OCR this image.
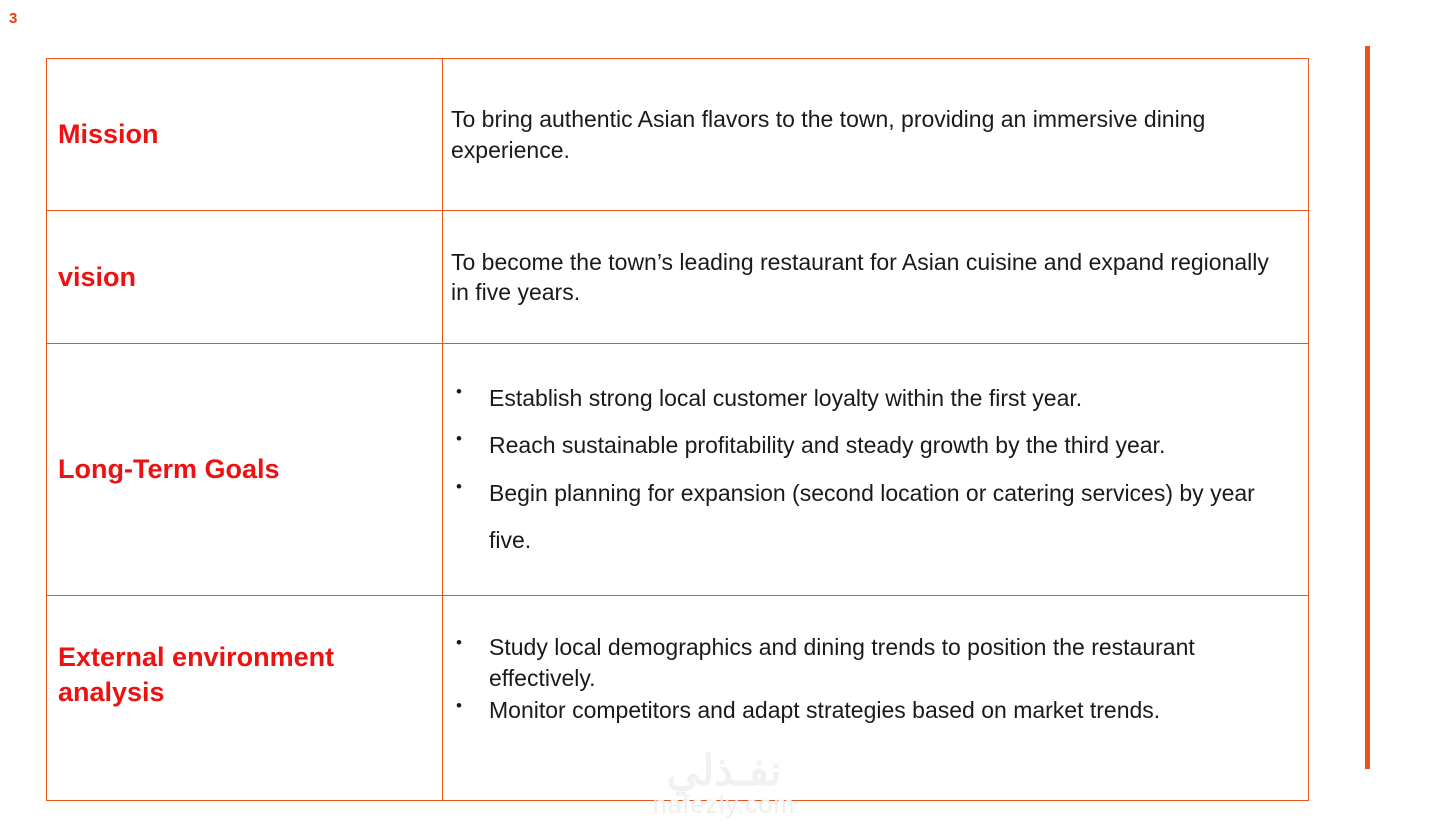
3
Mission
To bring authentic Asian flavors to the town, providing an immersive dining experience.
vision
To become the town’s leading restaurant for Asian cuisine and expand regionally in five years.
Long-Term Goals
• Establish strong local customer loyalty within the first year.
• Reach sustainable profitability and steady growth by the third year.
• Begin planning for expansion (second location or catering services) by year five.
External environment analysis
• Study local demographics and dining trends to position the restaurant effectively.
• Monitor competitors and adapt strategies based on market trends.
نفـذلي
nafezly.com
